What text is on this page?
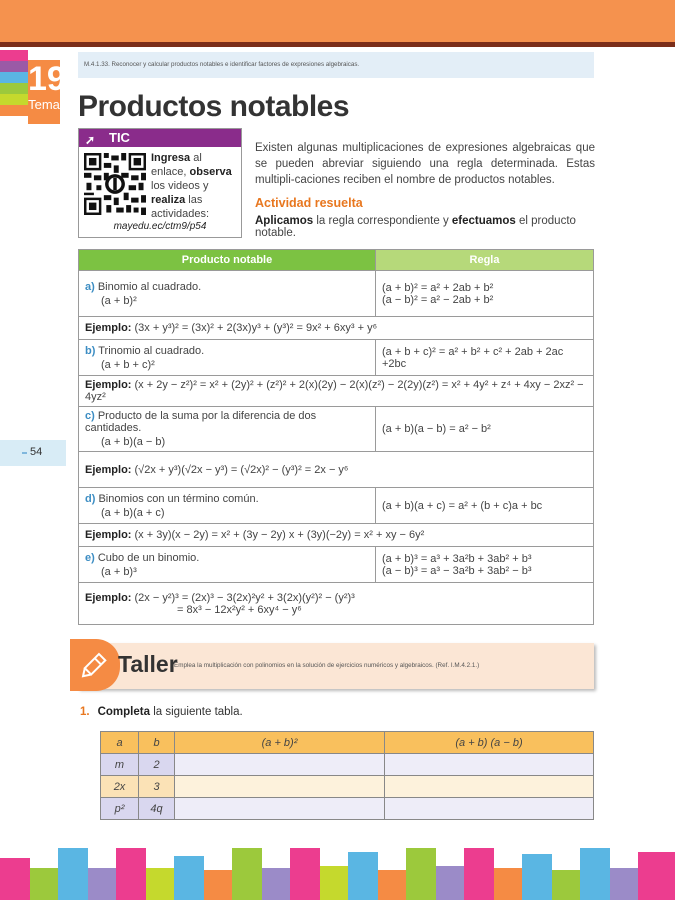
19
Tema
M.4.1.33. Reconocer y calcular productos notables e identificar factores de expresiones algebraicas.
Productos notables
➚ TIC
Ingresa al enlace, observa los videos y realiza las actividades:
mayedu.ec/ctm9/p54
Existen algunas multiplicaciones de expresiones algebraicas que se pueden abreviar siguiendo una regla determinada. Estas multipli-caciones reciben el nombre de productos notables.
Actividad resuelta
Aplicamos la regla correspondiente y efectuamos el producto notable.
Producto notable	Regla
a) Binomio al cuadrado.
(a + b)²	(a + b)² = a² + 2ab + b²
(a − b)² = a² − 2ab + b²

Ejemplo: (3x + y³)² = (3x)² + 2(3x)y³ + (y³)² = 9x² + 6xy³ + y⁶	
b) Trinomio al cuadrado.
(a + b + c)²	(a + b + c)² = a² + b² + c² + 2ab + 2ac +2bc
Ejemplo: (x + 2y − z²)² = x² + (2y)² + (z²)² + 2(x)(2y) − 2(x)(z²) − 2(2y)(z²) = x² + 4y² + z⁴ + 4xy − 2xz² − 4yz²	
c) Producto de la suma por la diferencia de dos cantidades.
(a + b)(a − b)	(a + b)(a − b) = a² − b²
Ejemplo: (√2x + y³)(√2x − y³) = (√2x)² − (y³)² = 2x − y⁶	
d) Binomios con un término común.
(a + b)(a + c)	(a + b)(a + c) = a² + (b + c)a + bc
Ejemplo: (x + 3y)(x − 2y) = x² + (3y − 2y) x + (3y)(−2y) = x² + xy − 6y²	
e) Cubo de un binomio.
(a + b)³	(a + b)³ = a³ + 3a²b + 3ab² + b³
(a − b)³ = a³ − 3a²b + 3ab² − b³

Ejemplo: (2x − y²)³ = (2x)³ − 3(2x)²y² + 3(2x)(y²)² − (y²)³
= 8x³ − 12x²y² + 6xy⁴ − y⁶	
54
Taller
Emplea la multiplicación con polinomios en la solución de ejercicios numéricos y algebraicos. (Ref. I.M.4.2.1.)
1. Completa la siguiente tabla.
a	b	(a + b)²	(a + b) (a − b)
m	2		
2x	3		
p²	4q		
